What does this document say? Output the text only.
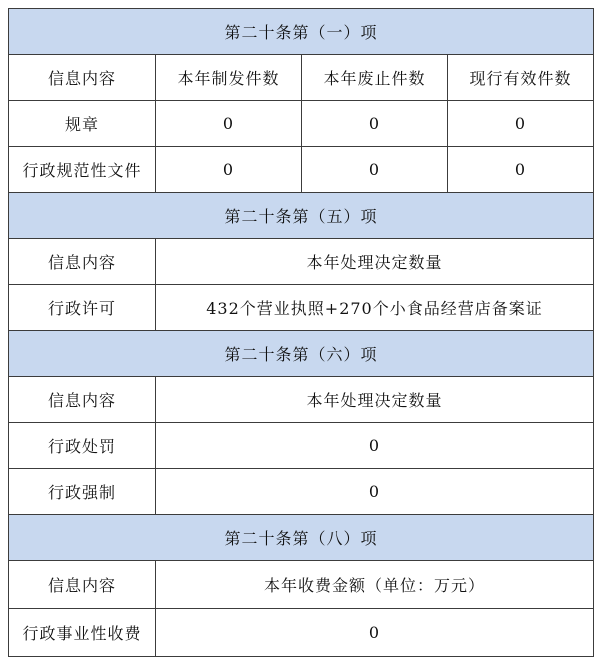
第二十条第（一）项			
信息内容	本年制发件数	本年废止件数	现行有效件数
规章	0	0	0
行政规范性文件	0	0	0
第二十条第（五）项			
信息内容	本年处理决定数量		
行政许可	432个营业执照+270个小食品经营店备案证		
第二十条第（六）项			
信息内容	本年处理决定数量		
行政处罚	0		
行政强制	0		
第二十条第（八）项			
信息内容	本年收费金额（单位：万元）		
行政事业性收费	0		
